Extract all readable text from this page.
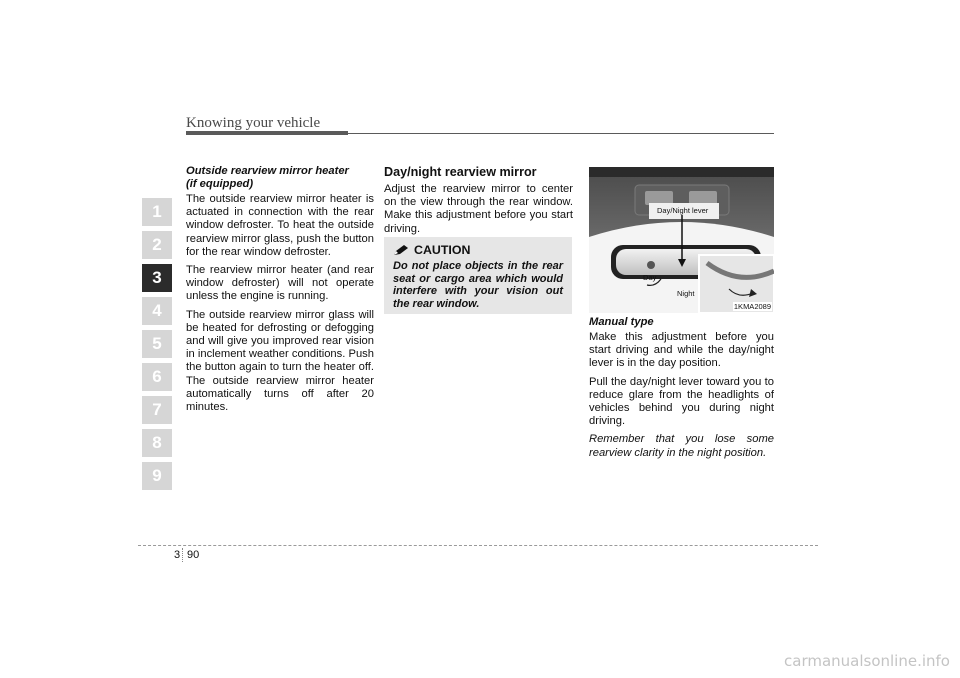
Knowing your vehicle
1
2
3
4
5
6
7
8
9
Outside rearview mirror heater
(if equipped)

The outside rearview mirror heater is actuated in connection with the rear window defroster. To heat the outside rearview mirror glass, push the button for the rear window defroster.

The rearview mirror heater (and rear window defroster) will not operate unless the engine is running.

The outside rearview mirror glass will be heated for defrosting or defogging and will give you improved rear vision in inclement weather conditions. Push the button again to turn the heater off. The outside rearview mirror heater automatically turns off after 20 minutes.

Day/night rearview mirror

Adjust the rearview mirror to center on the view through the rear window. Make this adjustment before you start driving.

CAUTION
Do not place objects in the rear seat or cargo area which would interfere with your vision out the rear window.
Day/Night lever
Day
Night
1KMA2089
Manual type

Make this adjustment before you start driving and while the day/night lever is in the day position.

Pull the day/night lever toward you to reduce glare from the headlights of vehicles behind you during night driving.

Remember that you lose some rearview clarity in the night position.

3 90
carmanualsonline.info
